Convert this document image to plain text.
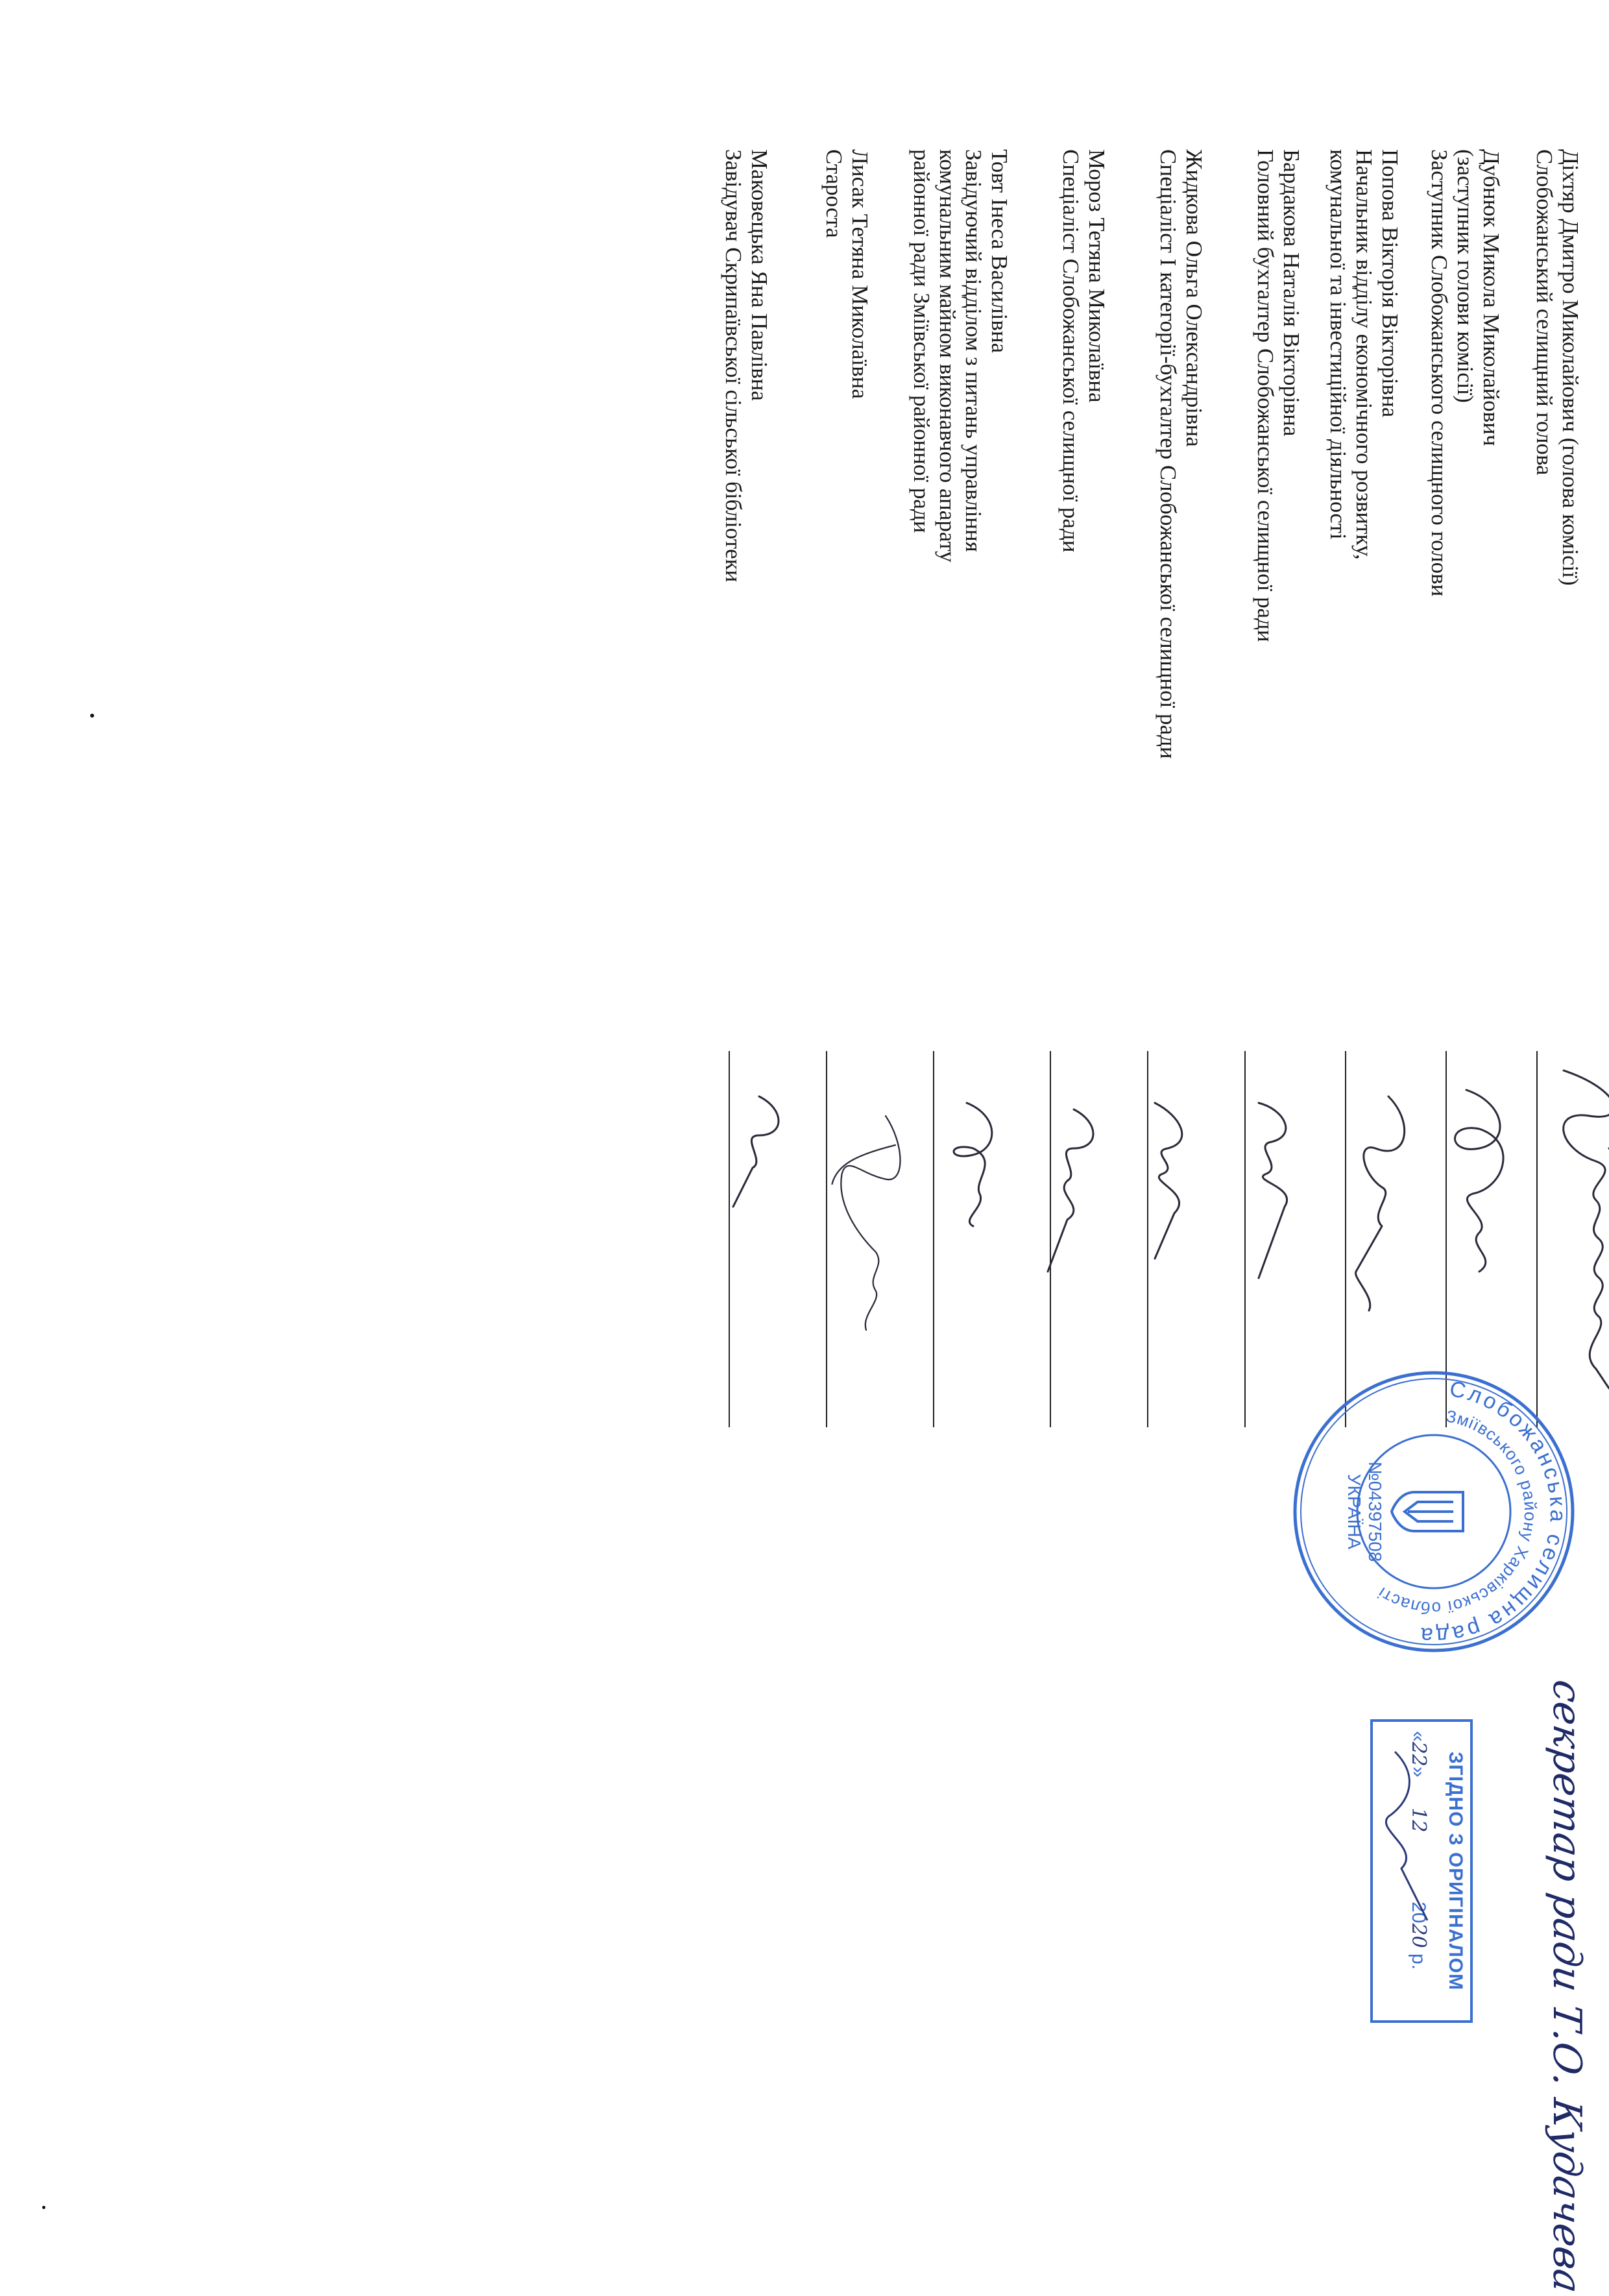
Діхтяр Дмитро Миколайович (голова комісії)
Слобожанський селищний голова
Дубнюк Микола Миколайович
(заступник голови комісії)
Заступник Слобожанського селищного голови
Попова Вікторія Вікторівна
Начальник відділу економічного розвитку,
комунальної та інвестиційної діяльності
Бардакова Наталія Вікторівна
Головний бухгалтер Слобожанської селищної ради
Жидкова Ольга Олександрівна
Спеціаліст І категорії-бухгалтер Слобожанської селищної ради
Мороз Тетяна Миколаївна
Спеціаліст Слобожанської селищної ради
Товт Інеса Василівна
Завідуючий відділом з питань управління
комунальним майном виконавчого апарату
районної ради Зміївської районної ради
Лисак Тетяна Миколаївна
Староста
Маковецька Яна Павлівна
Завідувач Скрипаївської сільської бібліотеки
Слобожанська селищна рада
Зміївського району Харківської області
№04397508
УКРАЇНА
секретар ради Т.О. Кудачева
ЗГІДНО З ОРИГІНАЛОМ
«22»  12  2020 р.
